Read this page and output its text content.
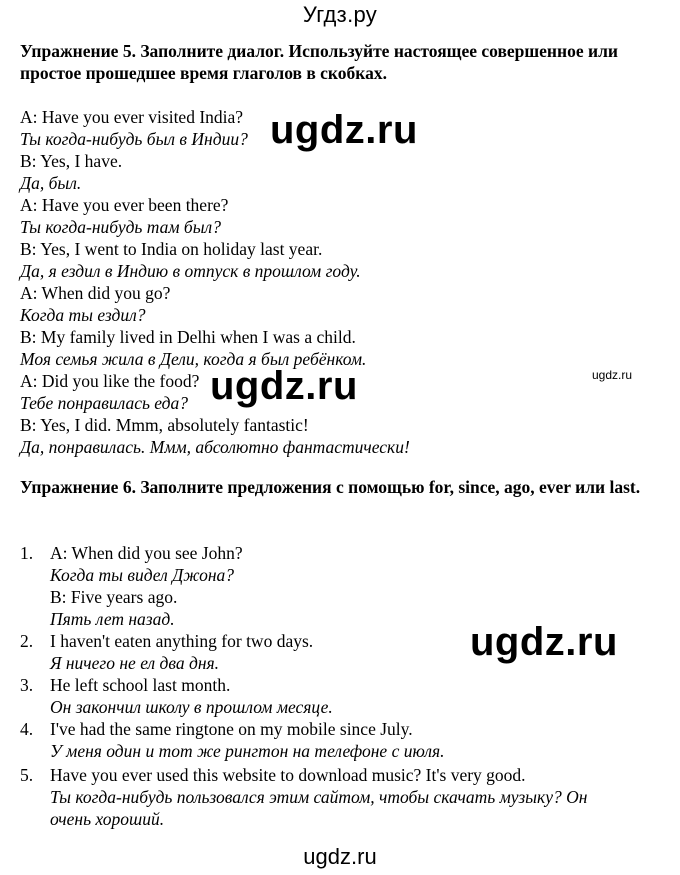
Угдз.ру
Упражнение 5. Заполните диалог. Используйте настоящее совершенное или простое прошедшее время глаголов в скобках.
A: Have you ever visited India?
Ты когда-нибудь был в Индии?
B: Yes, I have.
Да, был.
A: Have you ever been there?
Ты когда-нибудь там был?
B: Yes, I went to India on holiday last year.
Да, я ездил в Индию в отпуск в прошлом году.
A: When did you go?
Когда ты ездил?
B: My family lived in Delhi when I was a child.
Моя семья жила в Дели, когда я был ребёнком.
A: Did you like the food?
Тебе понравилась еда?
B: Yes, I did. Mmm, absolutely fantastic!
Да, понравилась. Ммм, абсолютно фантастически!
Упражнение 6. Заполните предложения с помощью for, since, ago, ever или last.
1. A: When did you see John?
Когда ты видел Джона?
B: Five years ago.
Пять лет назад.
2. I haven't eaten anything for two days.
Я ничего не ел два дня.
3. He left school last month.
Он закончил школу в прошлом месяце.
4. I've had the same ringtone on my mobile since July.
У меня один и тот же рингтон на телефоне с июля.
5. Have you ever used this website to download music? It's very good.
Ты когда-нибудь пользовался этим сайтом, чтобы скачать музыку? Он
очень хороший.
ugdz.ru
ugdz.ru
ugdz.ru
ugdz.ru
ugdz.ru
